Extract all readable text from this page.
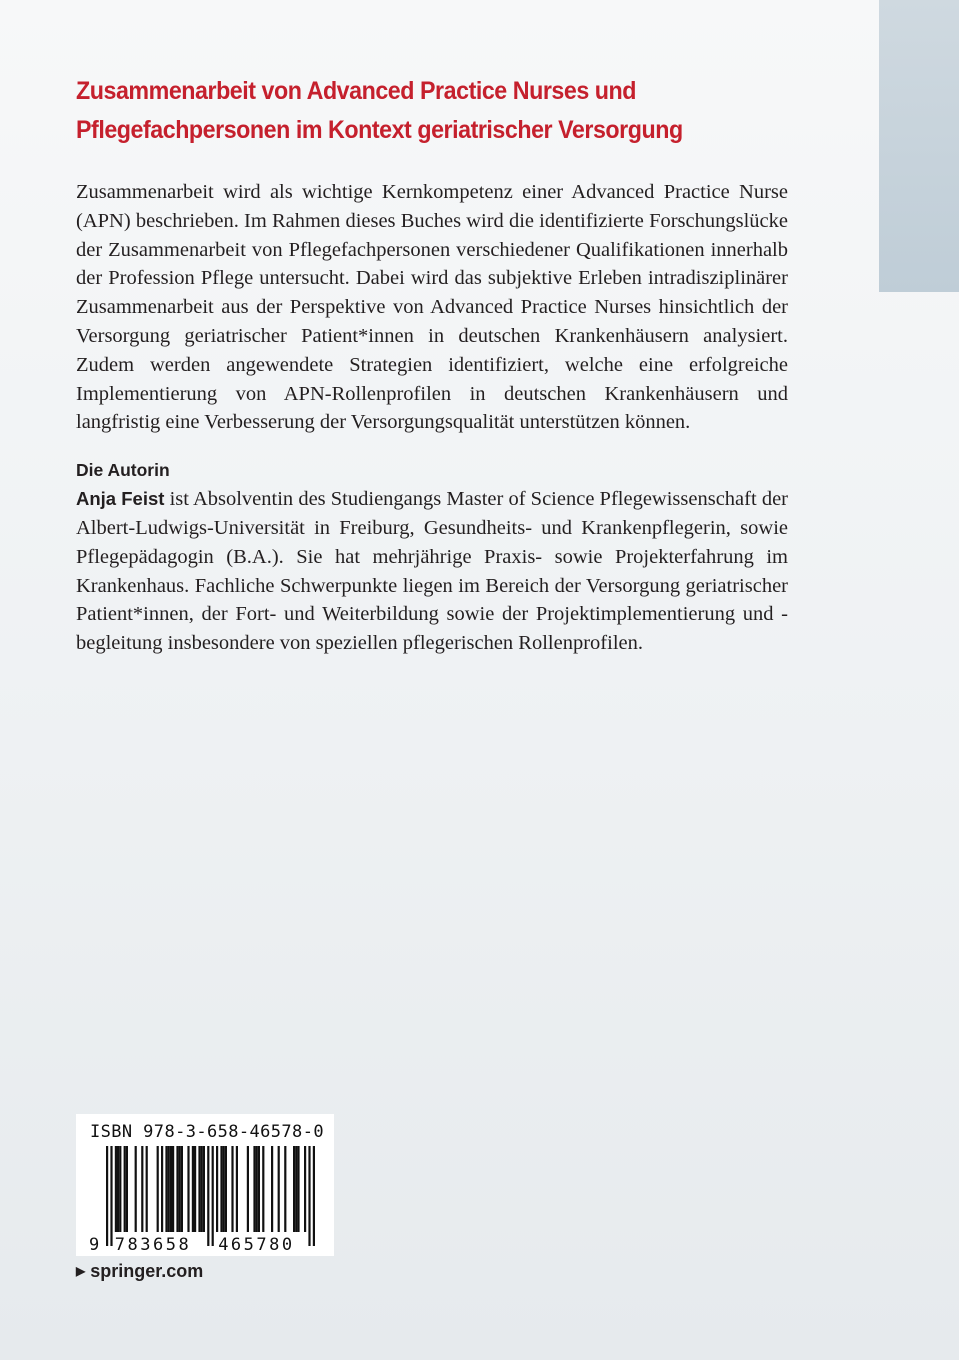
Zusammenarbeit von Advanced Practice Nurses und
Pflegefachpersonen im Kontext geriatrischer Versorgung

Zusammenarbeit wird als wichtige Kernkompetenz einer Advanced Practice Nurse (APN) beschrieben. Im Rahmen dieses Buches wird die identifizierte Forschungslücke der Zusammenarbeit von Pflegefachpersonen verschiedener Qualifikationen innerhalb der Profession Pflege untersucht. Dabei wird das subjektive Erleben intradisziplinärer Zusammenarbeit aus der Perspektive von Advanced Practice Nurses hinsichtlich der Versorgung geriatrischer Patient*innen in deutschen Krankenhäusern analysiert. Zudem werden angewendete Strategien identifiziert, welche eine erfolgreiche Implementierung von APN-Rollenprofilen in deutschen Krankenhäusern und langfristig eine Verbesserung der Versorgungsqualität unterstützen können.

Die Autorin

Anja Feist ist Absolventin des Studiengangs Master of Science Pflegewissenschaft der Albert-Ludwigs-Universität in Freiburg, Gesundheits- und Krankenpflegerin, sowie Pflegepädagogin (B.A.). Sie hat mehrjährige Praxis- sowie Projekterfahrung im Krankenhaus. Fachliche Schwerpunkte liegen im Bereich der Versorgung geriatrischer Patient*innen, der Fort- und Weiterbildung sowie der Projektimplementierung und -begleitung insbesondere von speziellen pflegerischen Rollenprofilen.

ISBN 978-3-658-46578-0
9 783658 465780
▶ springer.com
